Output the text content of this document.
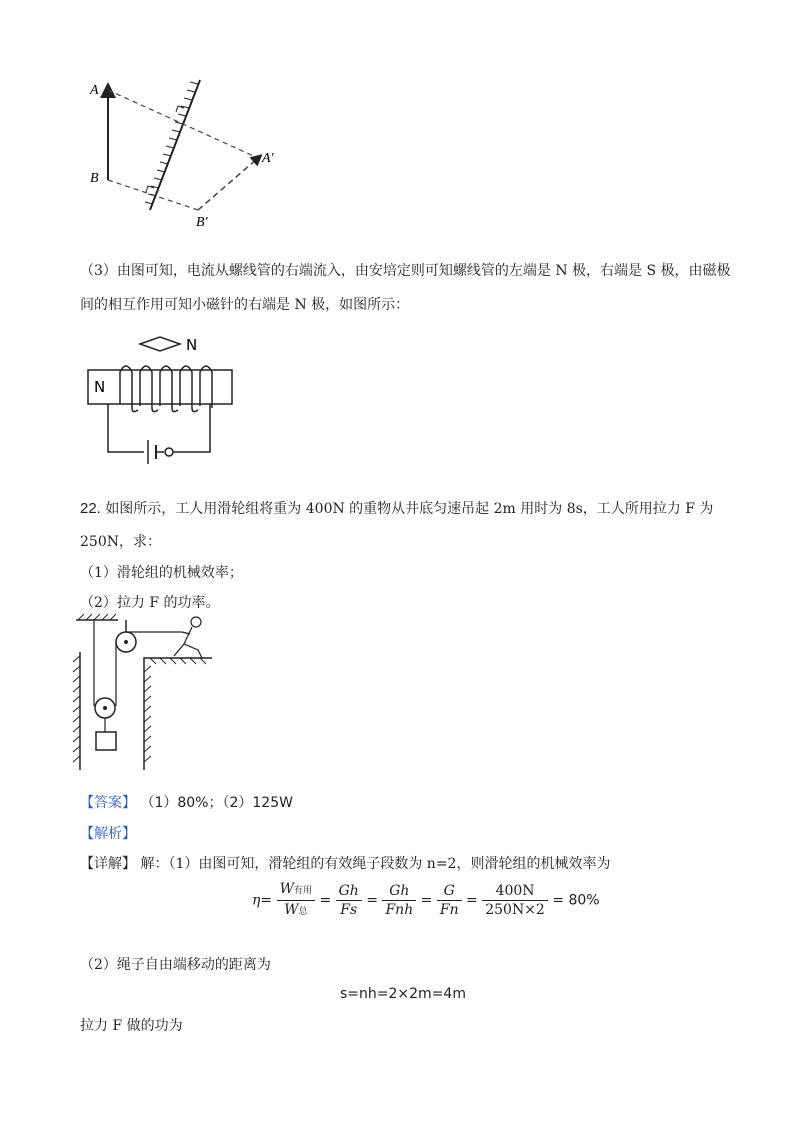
A
B
A′
B′
（3）由图可知，电流从螺线管的右端流入，由安培定则可知螺线管的左端是 N 极，右端是 S 极，由磁极
间的相互作用可知小磁针的右端是 N 极，如图所示：
N
N
22. 如图所示，工人用滑轮组将重为 400N 的重物从井底匀速吊起 2m 用时为 8s，工人所用拉力 F 为
250N，求：
（1）滑轮组的机械效率；
（2）拉力 F 的功率。
【答案】 （1）80%；（2）125W
【解析】
【详解】 解：（1）由图可知，滑轮组的有效绳子段数为 n=2，则滑轮组的机械效率为
$\eta= \frac{\text{W有用}}{\text{W总}} = \frac{Gh}{Fs} = \frac{Gh}{\text{Fnh}} = \frac{G}{Fn} = \frac{400N}{250N\times 2} = 80\%$
（2）绳子自由端移动的距离为
s=nh=2×2m=4m
拉力 F 做的功为
